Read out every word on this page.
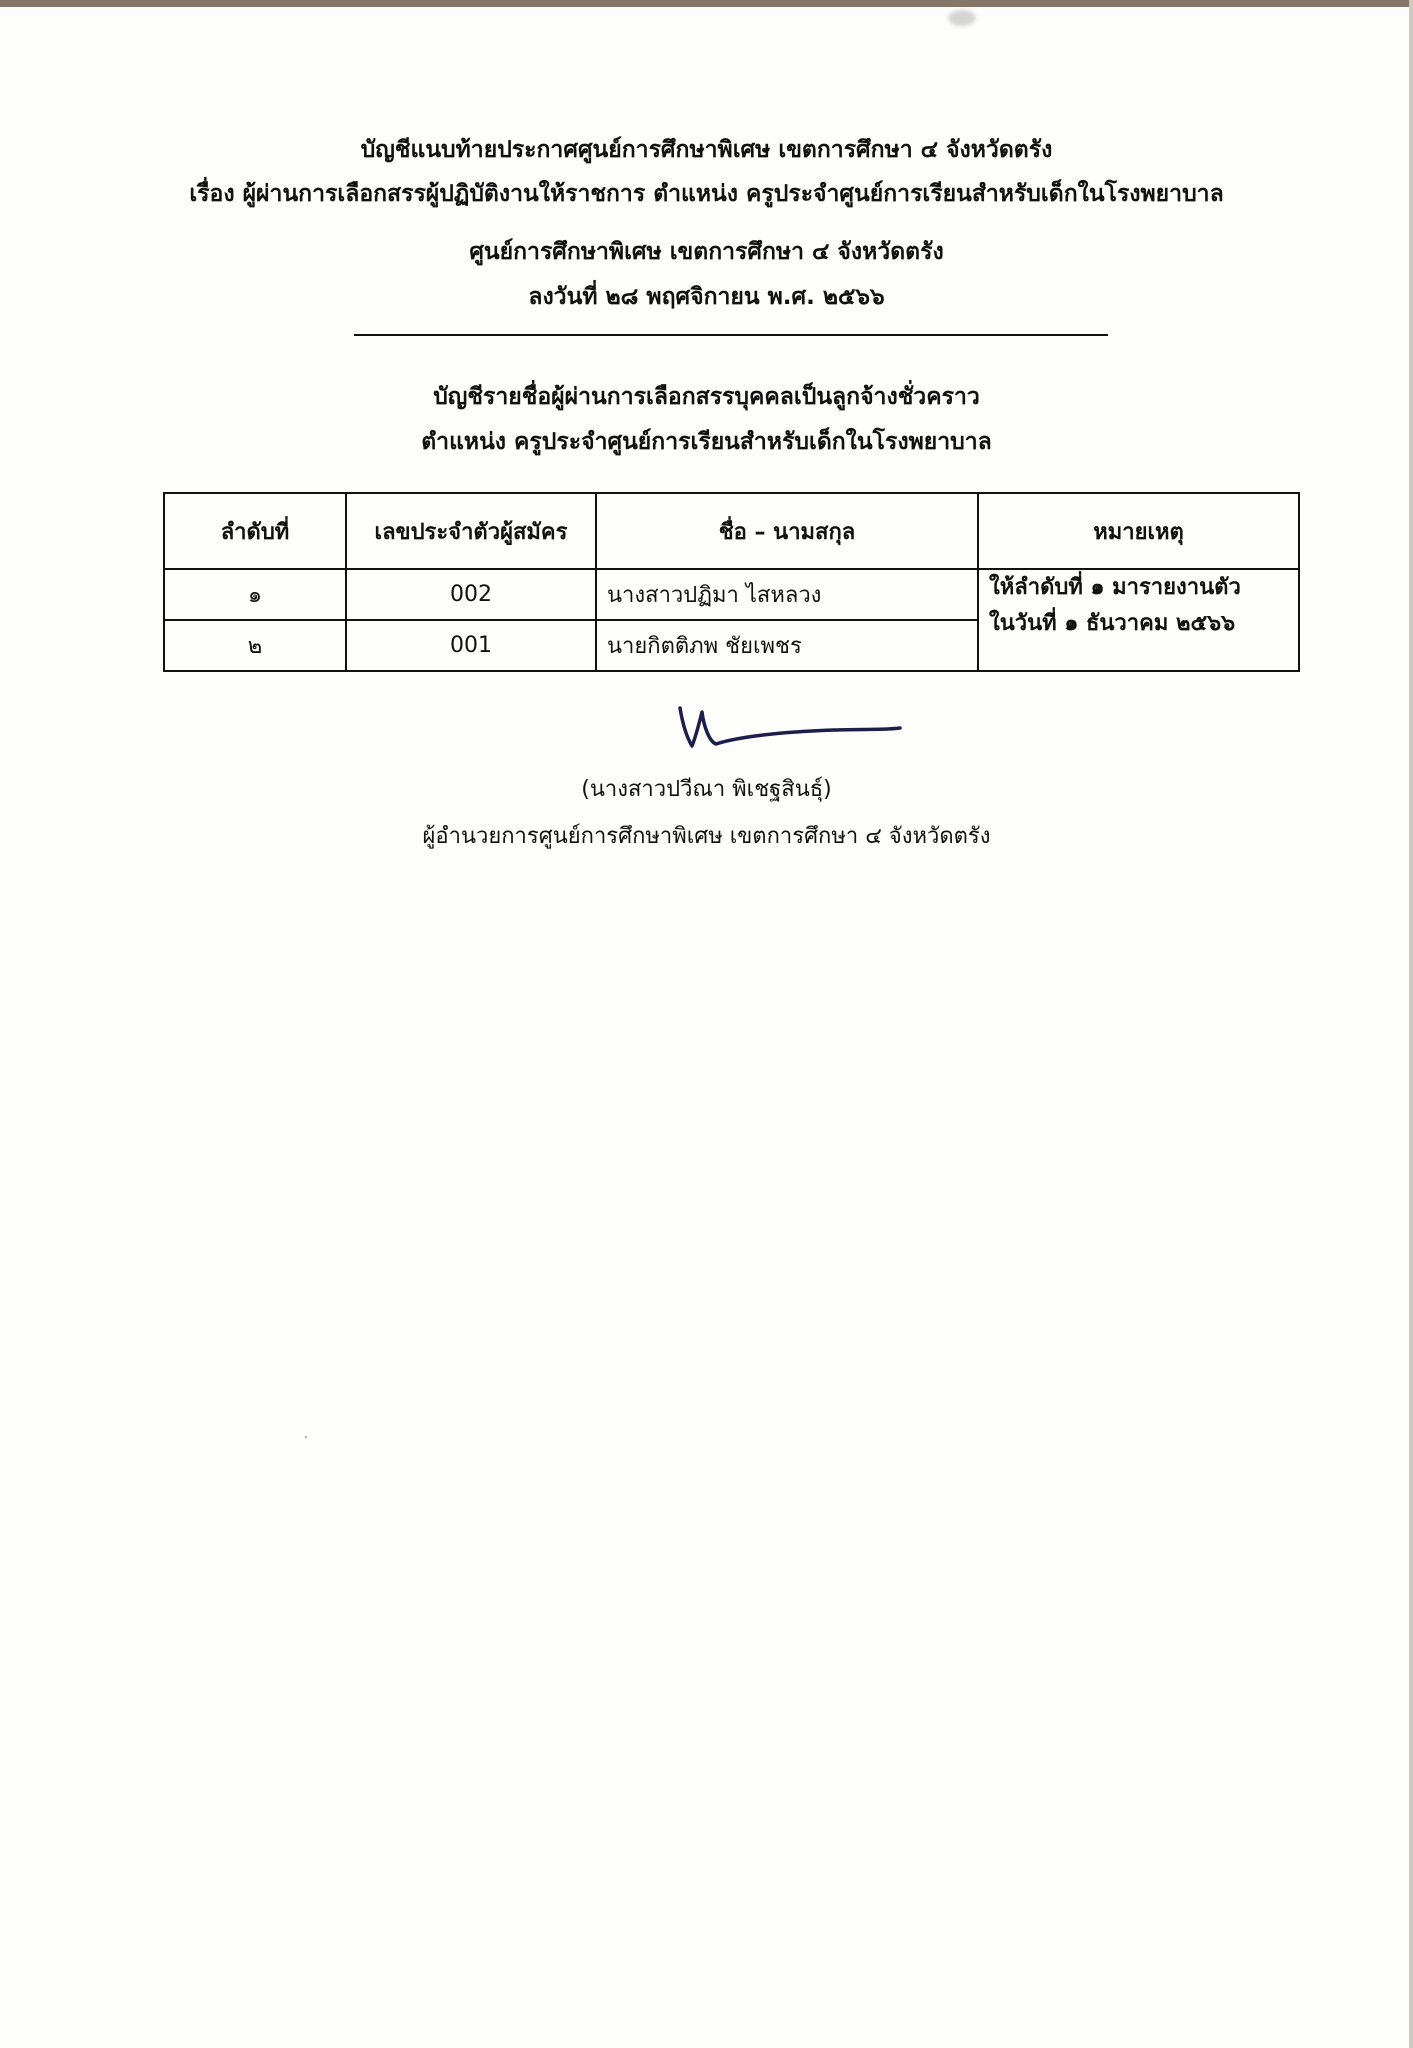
บัญชีแนบท้ายประกาศศูนย์การศึกษาพิเศษ เขตการศึกษา ๔ จังหวัดตรัง
เรื่อง ผู้ผ่านการเลือกสรรผู้ปฏิบัติงานให้ราชการ ตำแหน่ง ครูประจำศูนย์การเรียนสำหรับเด็กในโรงพยาบาล
ศูนย์การศึกษาพิเศษ เขตการศึกษา ๔ จังหวัดตรัง
ลงวันที่ ๒๘ พฤศจิกายน พ.ศ. ๒๕๖๖
บัญชีรายชื่อผู้ผ่านการเลือกสรรบุคคลเป็นลูกจ้างชั่วคราว
ตำแหน่ง ครูประจำศูนย์การเรียนสำหรับเด็กในโรงพยาบาล
ลำดับที่	เลขประจำตัวผู้สมัคร	ชื่อ – นามสกุล	หมายเหตุ
๑	002	นางสาวปฏิมา ไสหลวง	ให้ลำดับที่ ๑ มารายงานตัว
ในวันที่ ๑ ธันวาคม ๒๕๖๖

๒	001	นายกิตติภพ ชัยเพชร	
(นางสาวปวีณา พิเชฐสินธุ์)
ผู้อำนวยการศูนย์การศึกษาพิเศษ เขตการศึกษา ๔ จังหวัดตรัง
